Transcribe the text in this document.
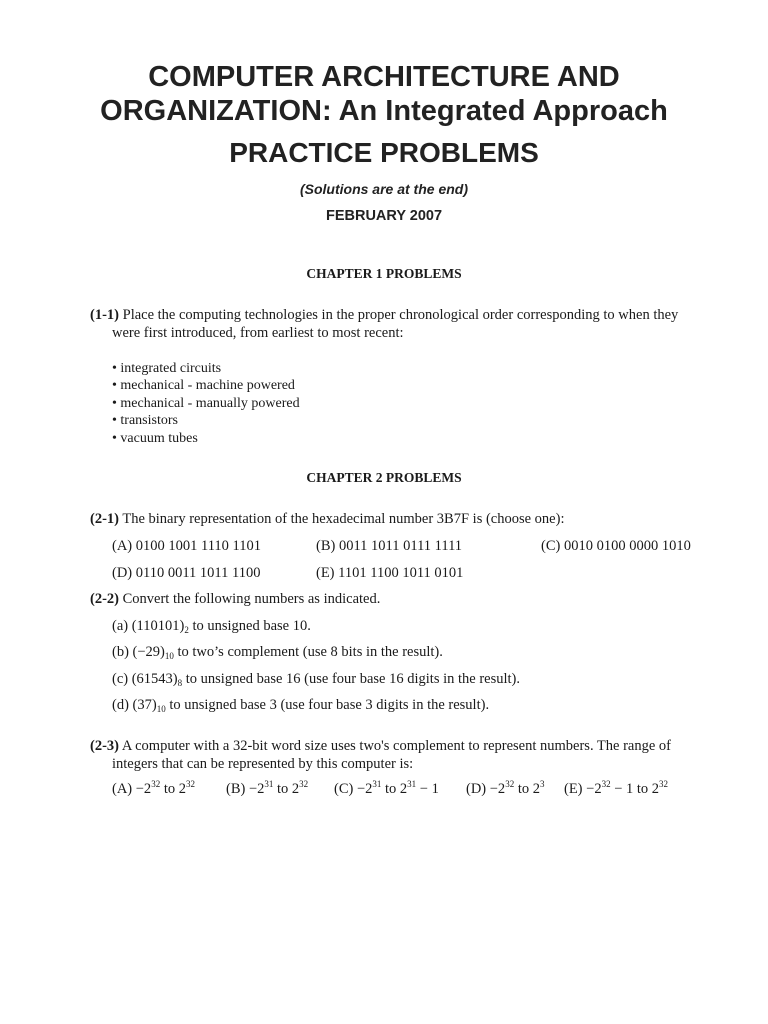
COMPUTER ARCHITECTURE AND
ORGANIZATION: An Integrated Approach
PRACTICE PROBLEMS
(Solutions are at the end)
FEBRUARY 2007
CHAPTER 1 PROBLEMS
(1-1) Place the computing technologies in the proper chronological order corresponding to when they
were first introduced, from earliest to most recent:
• integrated circuits
• mechanical - machine powered
• mechanical - manually powered
• transistors
• vacuum tubes
CHAPTER 2 PROBLEMS
(2-1) The binary representation of the hexadecimal number 3B7F is (choose one):
(A) 0100 1001 1110 1101	(B) 0011 1011 0111 1111	(C) 0010 0100 0000 1010
(D) 0110 0011 1011 1100	(E) 1101 1100 1011 0101
(2-2) Convert the following numbers as indicated.
(a) $(110101)_2$ to unsigned base 10.
(b) $(-29)_{10}$ to two’s complement (use 8 bits in the result).
(c) $(61543)_8$ to unsigned base 16 (use four base 16 digits in the result).
(d) $(37)_{10}$ to unsigned base 3 (use four base 3 digits in the result).
(2-3) A computer with a 32-bit word size uses two's complement to represent numbers. The range of
integers that can be represented by this computer is:
$(A) -2^{32}$ to $2^{32}$ $(B) -2^{31}$ to $2^{32}$ $(C) -2^{31}$ to $2^{31} - 1$ $(D) -2^{32}$ to $2^3$ $(E) -2^{32} - 1$ to $2^{32}$
